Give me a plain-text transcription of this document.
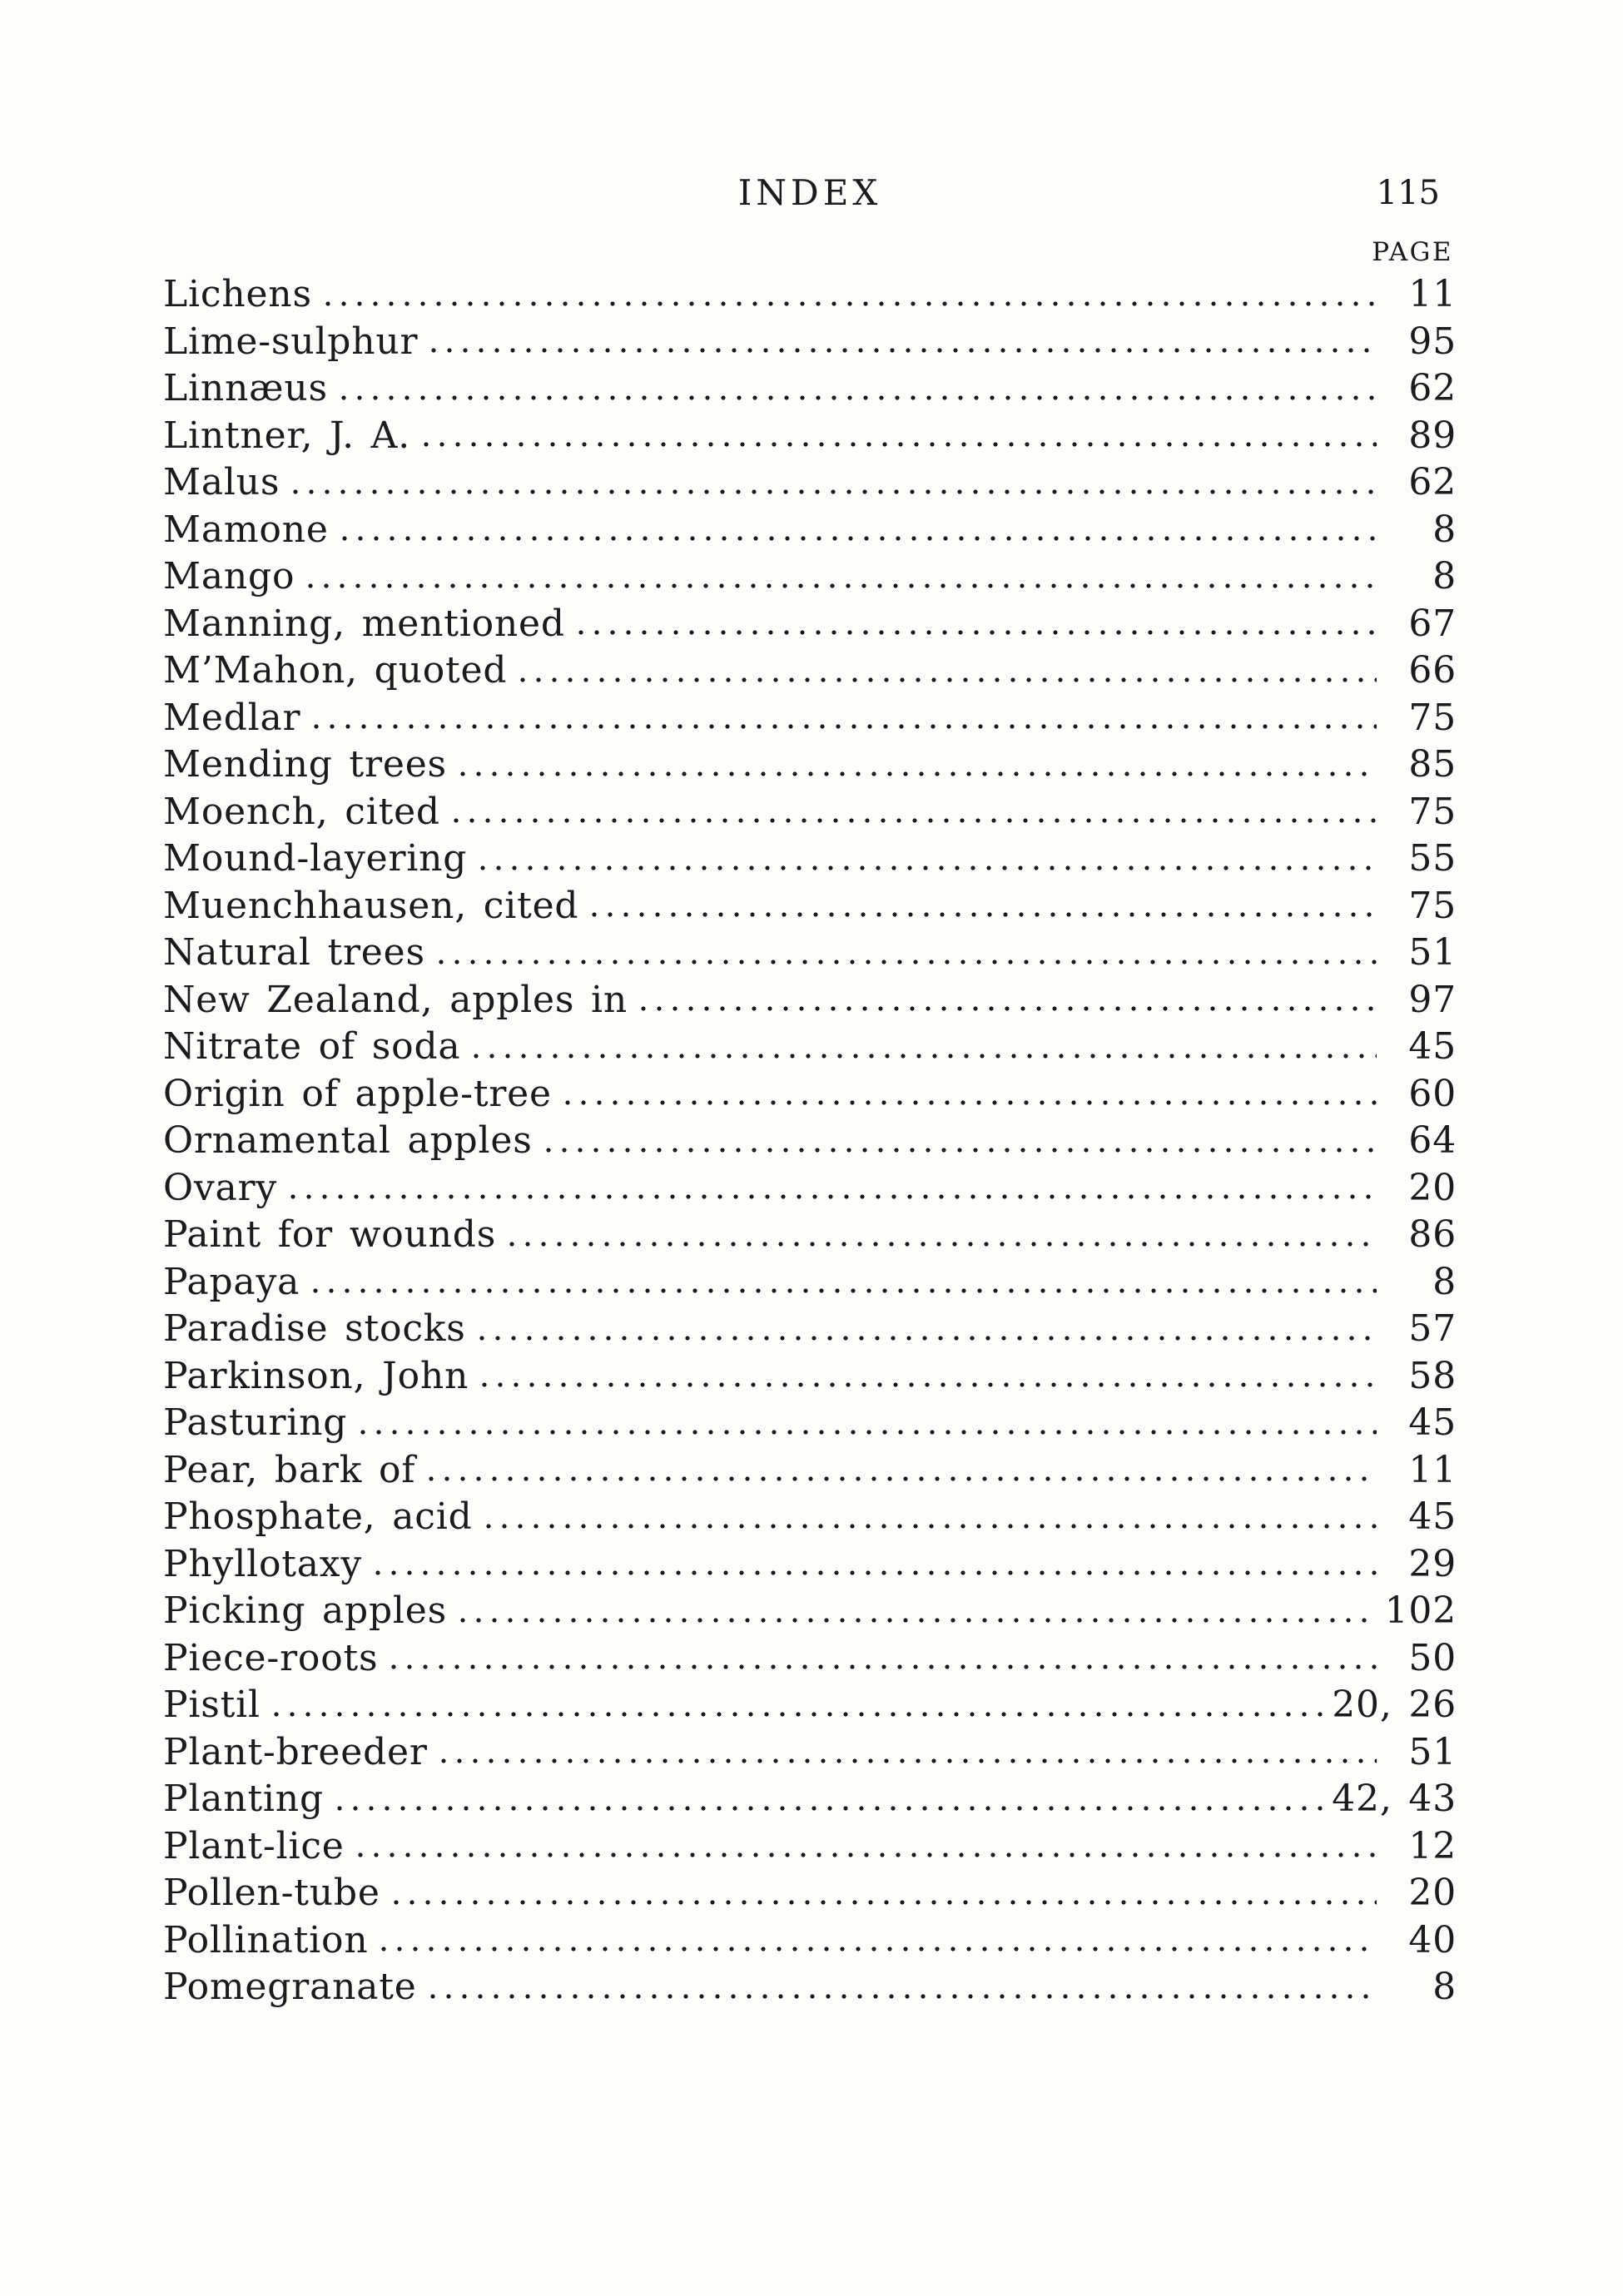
INDEX	115
PAGE
Lichens	11
Lime-sulphur	95
Linnæus	62
Lintner, J. A.	89
Malus	62
Mamone	8
Mango	8
Manning, mentioned	67
M’Mahon, quoted	66
Medlar	75
Mending trees	85
Moench, cited	75
Mound-layering	55
Muenchhausen, cited	75
Natural trees	51
New Zealand, apples in	97
Nitrate of soda	45
Origin of apple-tree	60
Ornamental apples	64
Ovary	20
Paint for wounds	86
Papaya	8
Paradise stocks	57
Parkinson, John	58
Pasturing	45
Pear, bark of	11
Phosphate, acid	45
Phyllotaxy	29
Picking apples	102
Piece-roots	50
Pistil	20, 26
Plant-breeder	51
Planting	42, 43
Plant-lice	12
Pollen-tube	20
Pollination	40
Pomegranate	8
